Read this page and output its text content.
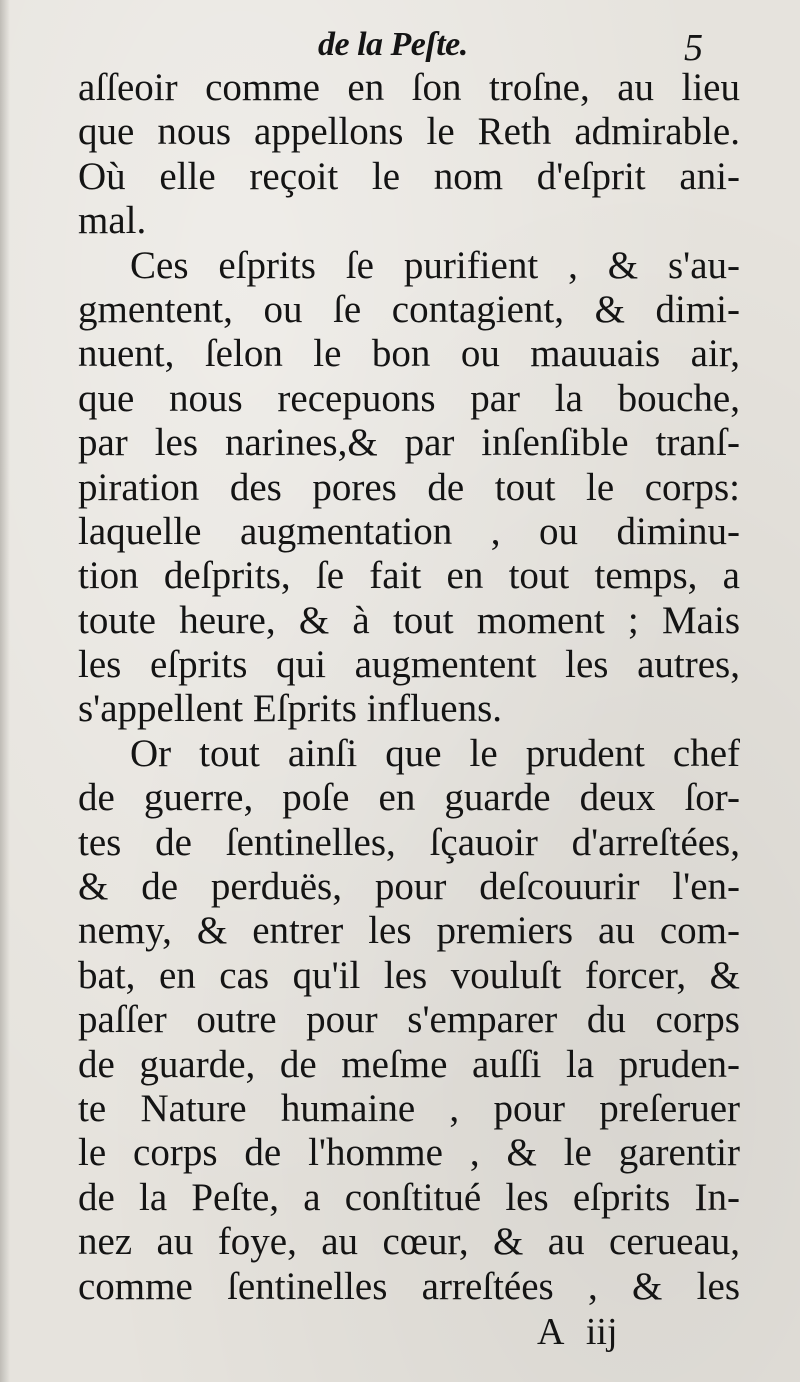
de la Peſte.	5
aſſeoir comme en ſon troſne, au lieu
que nous appellons le Reth admirable.
Où elle reçoit le nom d'eſprit ani-
mal.
Ces eſprits ſe purifient , & s'au-
gmentent, ou ſe contagient, & dimi-
nuent, ſelon le bon ou mauuais air,
que nous recepuons par la bouche,
par les narines,& par inſenſible tranſ-
piration des pores de tout le corps:
laquelle augmentation , ou diminu-
tion deſprits, ſe fait en tout temps, a
toute heure, & à tout moment ; Mais
les eſprits qui augmentent les autres,
s'appellent Eſprits influens.
Or tout ainſi que le prudent chef
de guerre, poſe en guarde deux ſor-
tes de ſentinelles, ſçauoir d'arreſtées,
& de perduës, pour deſcouurir l'en-
nemy, & entrer les premiers au com-
bat, en cas qu'il les vouluſt forcer, &
paſſer outre pour s'emparer du corps
de guarde, de meſme auſſi la pruden-
te Nature humaine , pour preſeruer
le corps de l'homme , & le garentir
de la Peſte, a conſtitué les eſprits In-
nez au foye, au cœur, & au cerueau,
comme ſentinelles arreſtées , & les
A iij
